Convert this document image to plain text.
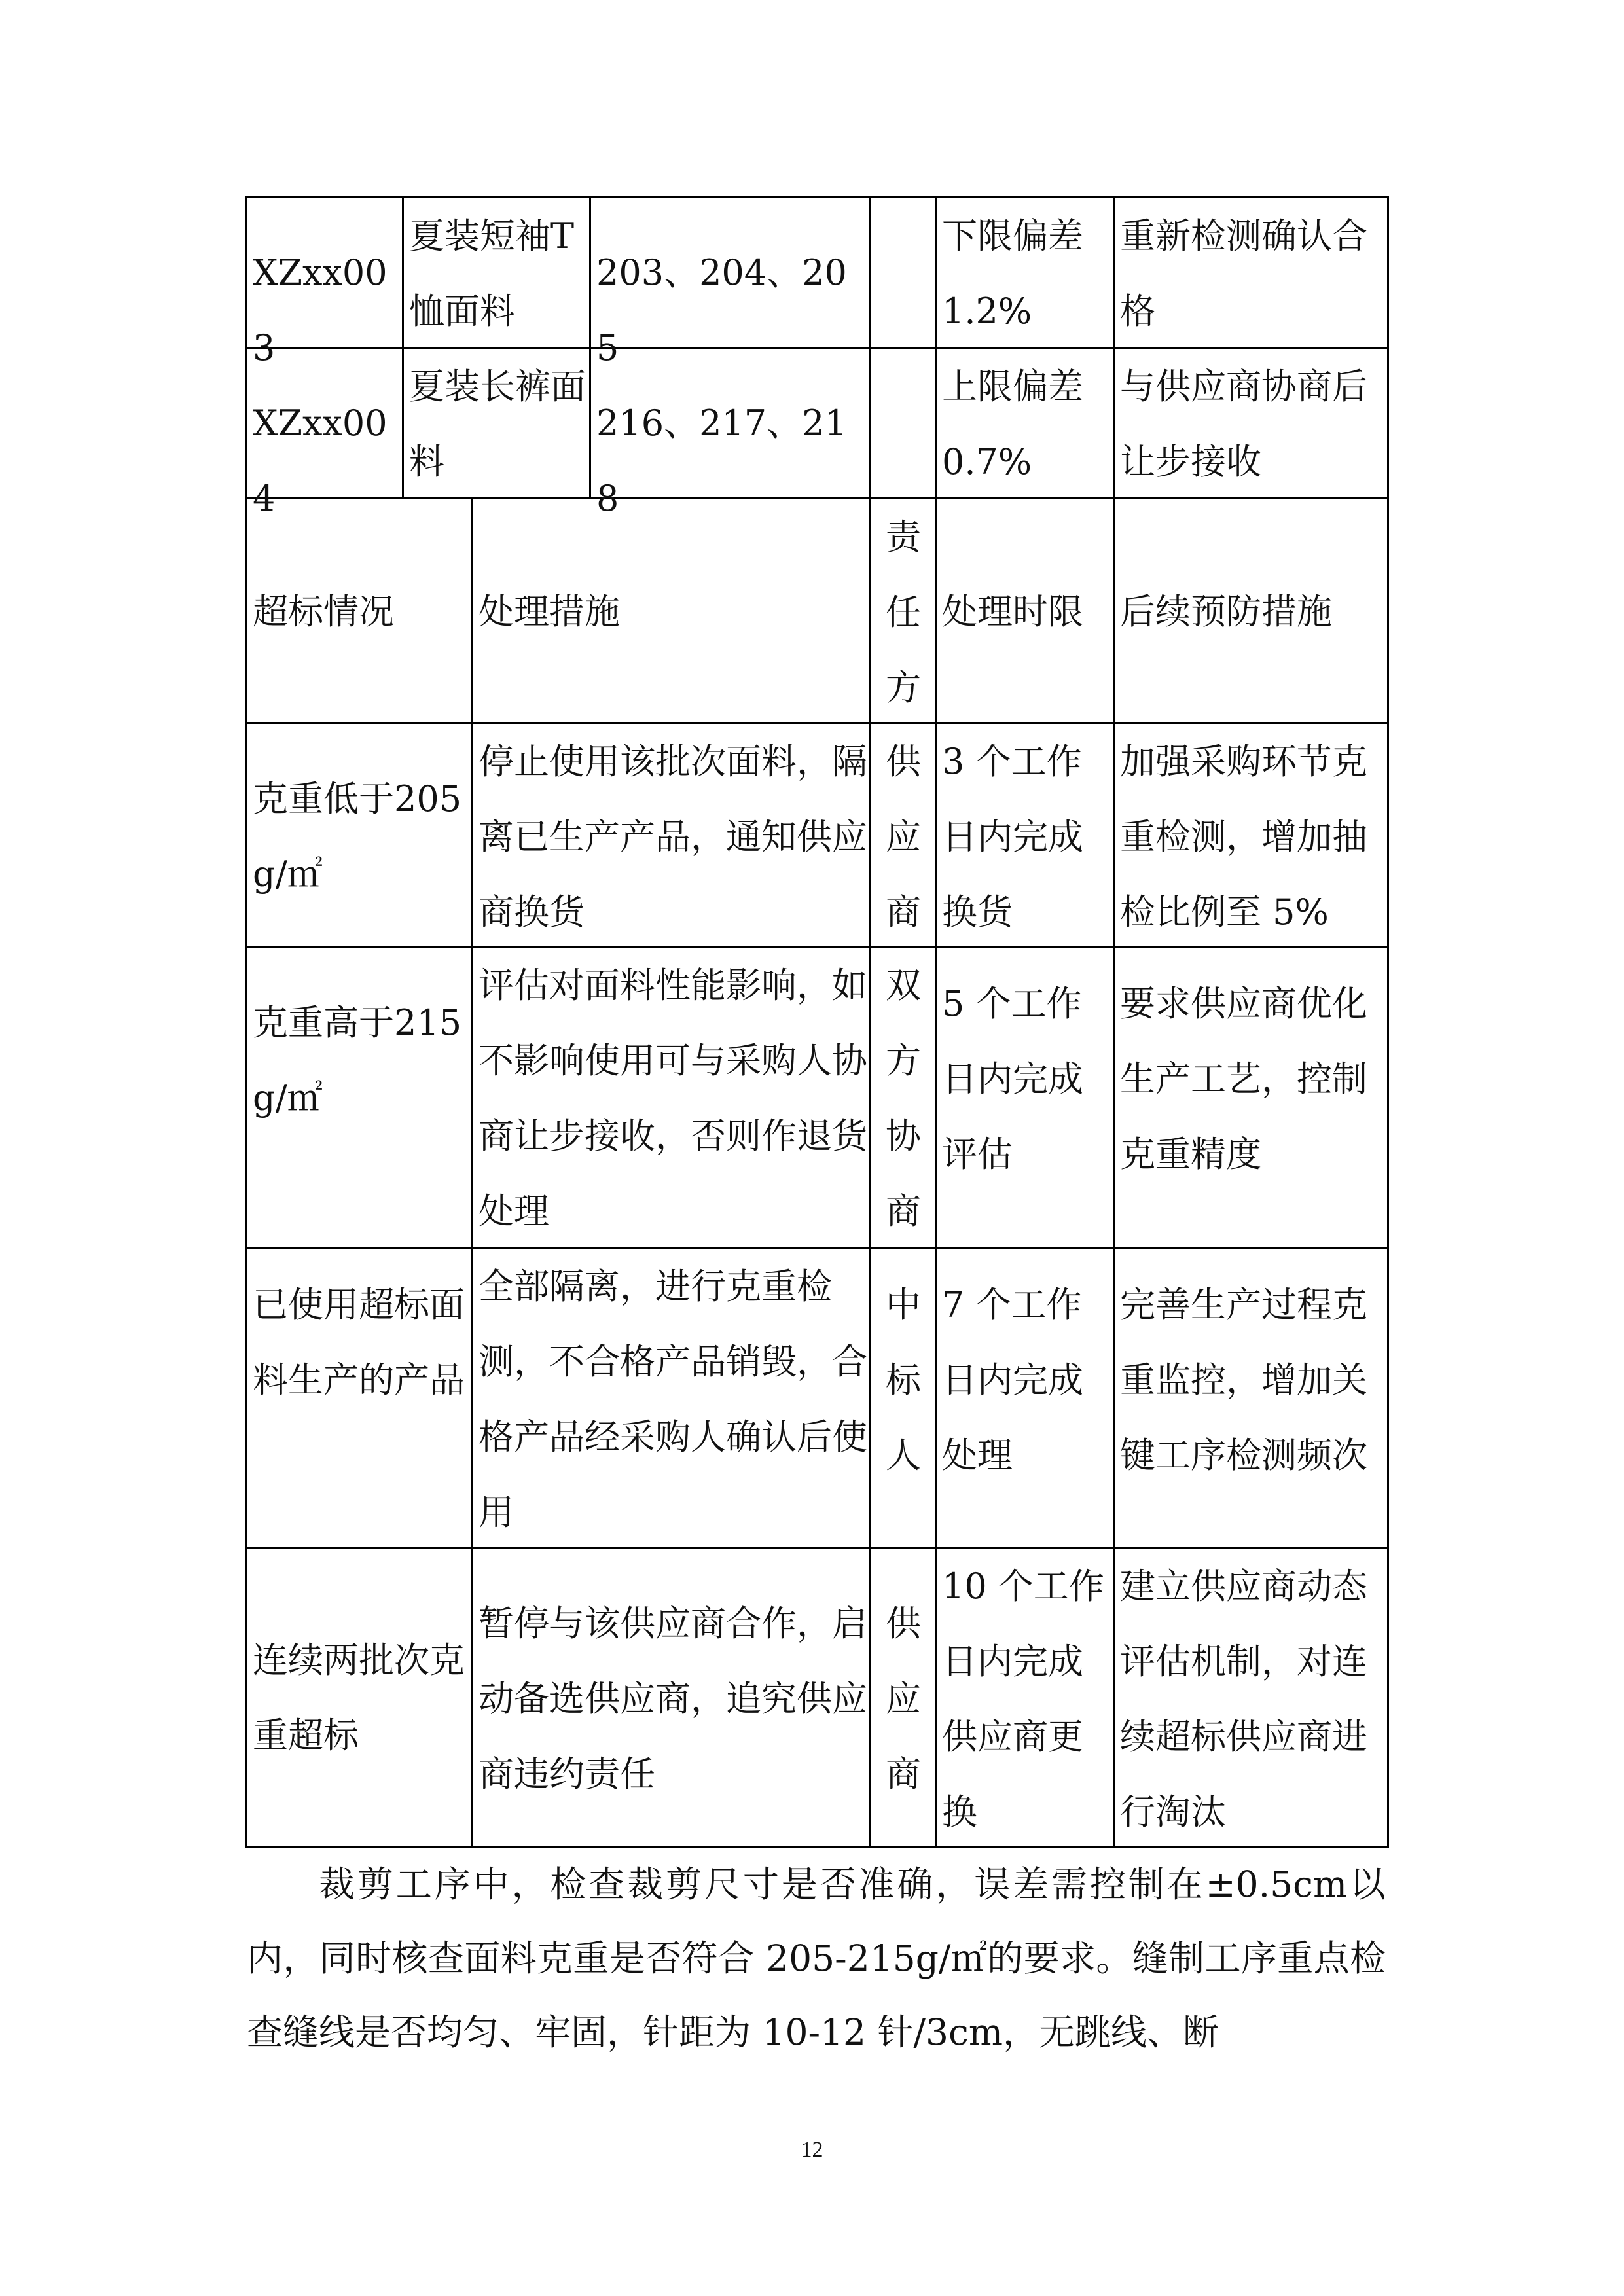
XZxx003
夏装短袖T恤面料
203、204、205
下限偏差1.2%
重新检测确认合格
XZxx004
夏装长裤面料
216、217、218
上限偏差0.7%
与供应商协商后让步接收
超标情况	处理措施
责任方
处理时限	后续预防措施
克重低于205g/㎡
停止使用该批次面料，隔离已生产产品，通知供应商换货
供应商
3 个工作日内完成换货
加强采购环节克重检测，增加抽检比例至 5%
克重高于215g/㎡
评估对面料性能影响，如不影响使用可与采购人协商让步接收，否则作退货处理
双方协商
5 个工作日内完成评估
要求供应商优化生产工艺，控制克重精度
已使用超标面料生产的产品
全部隔离，进行克重检测，不合格产品销毁，合格产品经采购人确认后使用
中标人
7 个工作日内完成处理
完善生产过程克重监控，增加关键工序检测频次
连续两批次克重超标
暂停与该供应商合作，启动备选供应商，追究供应商违约责任
供应商
10 个工作日内完成供应商更换
建立供应商动态评估机制，对连续超标供应商进行淘汰
裁剪工序中，检查裁剪尺寸是否准确，误差需控制在±0.5cm以内，同时核查面料克重是否符合 205-215g/㎡的要求。缝制工序重点检查缝线是否均匀、牢固，针距为 10-12 针/3cm，无跳线、断
12
